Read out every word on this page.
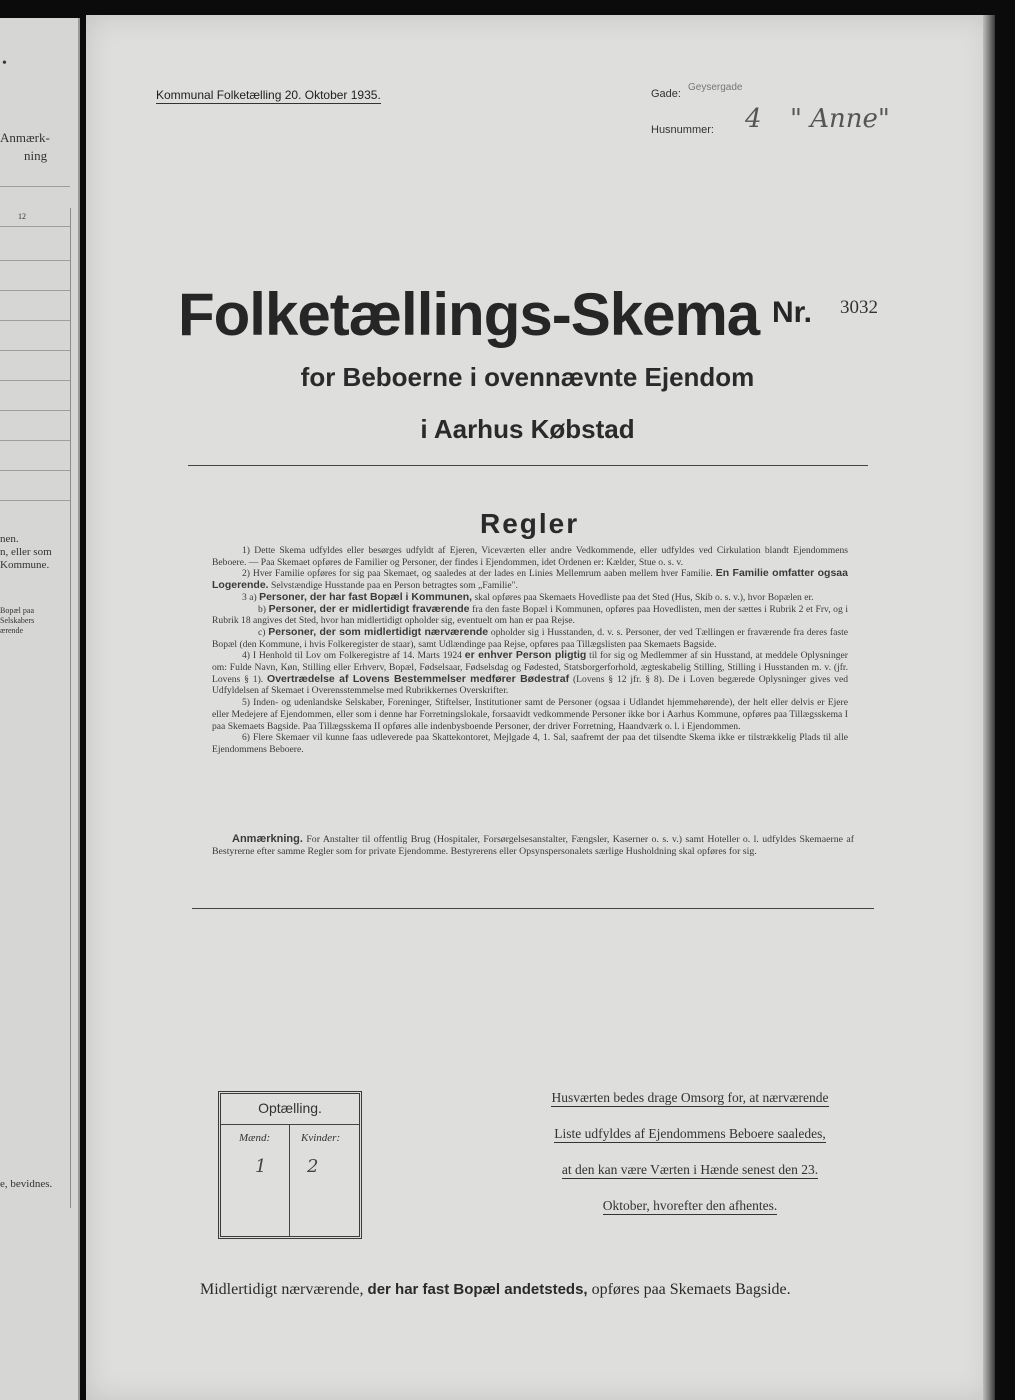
•
Anmærk-
ning
12
nen.
n, eller som
Kommune.
Bopæl paa
Selskabers
ærende
e, bevidnes.
Kommunal Folketælling 20. Oktober 1935.	Gade:
Geysergade
Husnummer: 4 " Anne"
Folketællings-Skema Nr. 3032
for Beboerne i ovennævnte Ejendom
i Aarhus Købstad
Regler

1) Dette Skema udfyldes eller besørges udfyldt af Ejeren, Viceværten eller andre Vedkommende, eller udfyldes ved Cirkulation blandt Ejendommens Beboere. — Paa Skemaet opføres de Familier og Personer, der findes i Ejendommen, idet Ordenen er: Kælder, Stue o. s. v.

2) Hver Familie opføres for sig paa Skemaet, og saaledes at der lades en Linies Mellemrum aaben mellem hver Familie. En Familie omfatter ogsaa Logerende. Selvstændige Husstande paa en Person betragtes som „Familie".

3 a) Personer, der har fast Bopæl i Kommunen, skal opføres paa Skemaets Hovedliste paa det Sted (Hus, Skib o. s. v.), hvor Bopælen er.

b) Personer, der er midlertidigt fraværende fra den faste Bopæl i Kommunen, opføres paa Hovedlisten, men der sættes i Rubrik 2 et Frv, og i Rubrik 18 angives det Sted, hvor han midlertidigt opholder sig, eventuelt om han er paa Rejse.

c) Personer, der som midlertidigt nærværende opholder sig i Husstanden, d. v. s. Personer, der ved Tællingen er fraværende fra deres faste Bopæl (den Kommune, i hvis Folkeregister de staar), samt Udlændinge paa Rejse, opføres paa Tillægslisten paa Skemaets Bagside.

4) I Henhold til Lov om Folkeregistre af 14. Marts 1924 er enhver Person pligtig til for sig og Medlemmer af sin Husstand, at meddele Oplysninger om: Fulde Navn, Køn, Stilling eller Erhverv, Bopæl, Fødselsaar, Fødselsdag og Fødested, Statsborgerforhold, ægteskabelig Stilling, Stilling i Husstanden m. v. (jfr. Lovens § 1). Overtrædelse af Lovens Bestemmelser medfører Bødestraf (Lovens § 12 jfr. § 8). De i Loven begærede Oplysninger gives ved Udfyldelsen af Skemaet i Overensstemmelse med Rubrikkernes Overskrifter.

5) Inden- og udenlandske Selskaber, Foreninger, Stiftelser, Institutioner samt de Personer (ogsaa i Udlandet hjemmehørende), der helt eller delvis er Ejere eller Medejere af Ejendommen, eller som i denne har Forretningslokale, forsaavidt vedkommende Personer ikke bor i Aarhus Kommune, opføres paa Tillægsskema I paa Skemaets Bagside. Paa Tillægsskema II opføres alle indenbysboende Personer, der driver Forretning, Haandværk o. l. i Ejendommen.

6) Flere Skemaer vil kunne faas udleverede paa Skattekontoret, Mejlgade 4, 1. Sal, saafremt der paa det tilsendte Skema ikke er tilstrækkelig Plads til alle Ejendommens Beboere.

Anmærkning. For Anstalter til offentlig Brug (Hospitaler, Forsørgelsesanstalter, Fængsler, Kaserner o. s. v.) samt Hoteller o. l. udfyldes Skemaerne af Bestyrerne efter samme Regler som for private Ejendomme. Bestyrerens eller Opsynspersonalets særlige Husholdning skal opføres for sig.
Optælling.
Mænd:	Kvinder:
1 2
Husværten bedes drage Omsorg for, at nærværende
Liste udfyldes af Ejendommens Beboere saaledes,
at den kan være Værten i Hænde senest den 23.
Oktober, hvorefter den afhentes.
Midlertidigt nærværende, der har fast Bopæl andetsteds, opføres paa Skemaets Bagside.
